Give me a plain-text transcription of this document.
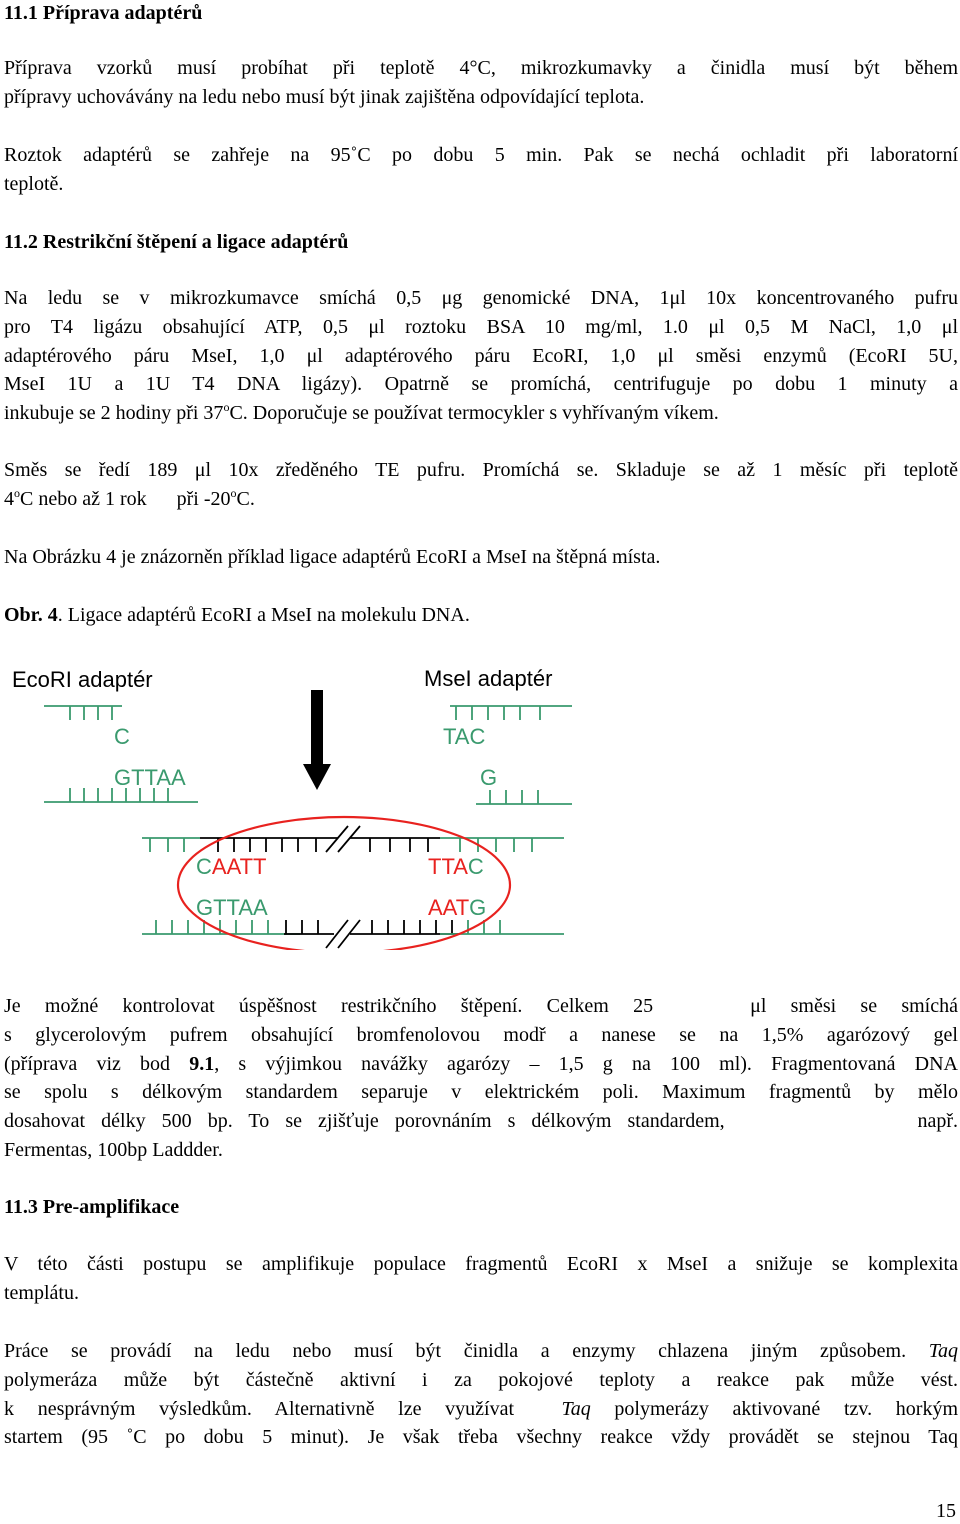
11.1 Příprava adaptérů
Příprava vzorků musí probíhat při teplotě 4°C, mikrozkumavky a činidla musí být během
přípravy uchovávány na ledu nebo musí být jinak zajištěna odpovídající teplota.
Roztok adaptérů se zahřeje na 95˚C po dobu 5 min. Pak se nechá ochladit při laboratorní
teplotě.
11.2 Restrikční štěpení a ligace adaptérů
Na ledu se v mikrozkumavce smíchá 0,5 μg genomické DNA, 1μl 10x koncentrovaného pufru
pro T4 ligázu obsahující ATP, 0,5 μl roztoku BSA 10 mg/ml, 1.0 μl 0,5 M NaCl, 1,0 μl
adaptérového páru MseI, 1,0 μl adaptérového páru EcoRI, 1,0 μl směsi enzymů (EcoRI 5U,
MseI 1U a 1U T4 DNA ligázy). Opatrně se promíchá, centrifuguje po dobu 1 minuty a
inkubuje se 2 hodiny při 37$^o$C. Doporučuje se používat termocykler s vyhřívaným víkem.
Směs se ředí 189 μl 10x zředěného TE pufru. Promíchá se. Skladuje se až 1 měsíc při teplotě
4$^o$C nebo až 1 rok      při -20$^o$C.

Na Obrázku 4 je znázorněn příklad ligace adaptérů EcoRI a MseI na štěpná místa.

Obr. 4. Ligace adaptérů EcoRI a MseI na molekulu DNA.

EcoRI adaptér	MseI adaptér
C
GTTAA
TAC
G
CAATT
GTTAA
TTAC
AATG
Je možné kontrolovat úspěšnost restrikčního štěpení. Celkem 25    μl směsi se smíchá
s glycerolovým pufrem obsahující bromfenolovou modř a nanese se na 1,5% agarózový gel
(příprava viz bod 9.1, s výjimkou navážky agarózy – 1,5 g na 100 ml). Fragmentovaná DNA
se spolu s délkovým standardem separuje v elektrickém poli. Maximum fragmentů by mělo
dosahovat délky 500 bp. To se zjišťuje porovnáním s délkovým standardem,            např.
Fermentas, 100bp Laddder.
11.3 Pre-amplifikace
V této části postupu se amplifikuje populace fragmentů EcoRI x MseI a snižuje se komplexita
templátu.
Práce se provádí na ledu nebo musí být činidla a enzymy chlazena jiným způsobem. Taq
polymeráza může být částečně aktivní i za pokojové teploty a reakce pak může vést.
k nesprávným výsledkům. Alternativně lze využívat  Taq polymerázy aktivované tzv. horkým
startem (95 ˚C po dobu 5 minut). Je však třeba všechny reakce vždy provádět se stejnou Taq
15
